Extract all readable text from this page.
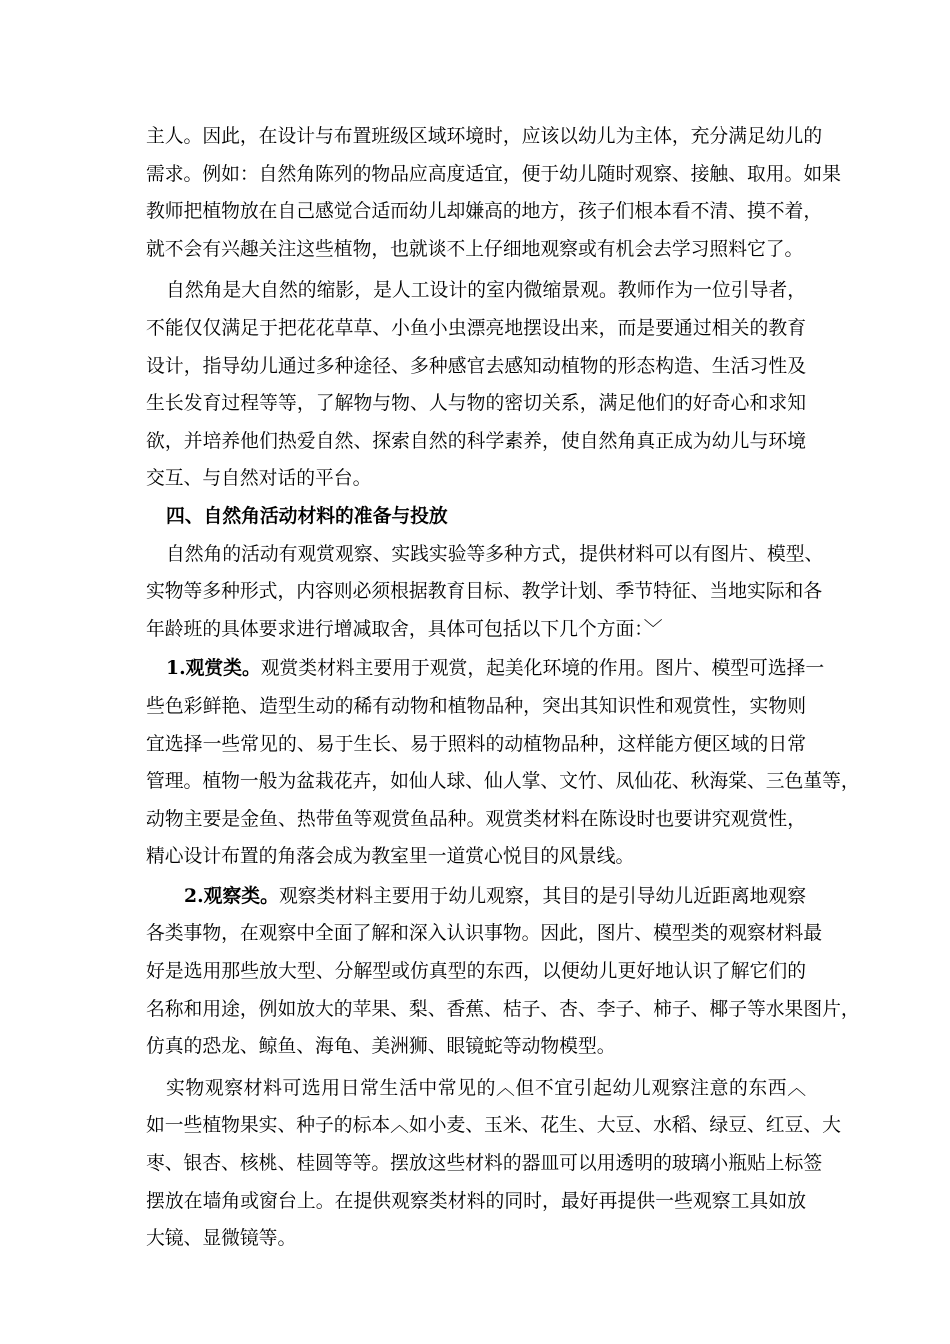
主人。因此，在设计与布置班级区域环境时，应该以幼儿为主体，充分满足幼儿的
需求。例如：自然角陈列的物品应高度适宜，便于幼儿随时观察、接触、取用。如果
教师把植物放在自己感觉合适而幼儿却嫌高的地方，孩子们根本看不清、摸不着，
就不会有兴趣关注这些植物，也就谈不上仔细地观察或有机会去学习照料它了。
自然角是大自然的缩影，是人工设计的室内微缩景观。教师作为一位引导者，
不能仅仅满足于把花花草草、小鱼小虫漂亮地摆设出来，而是要通过相关的教育
设计，指导幼儿通过多种途径、多种感官去感知动植物的形态构造、生活习性及
生长发育过程等等，了解物与物、人与物的密切关系，满足他们的好奇心和求知
欲，并培养他们热爱自然、探索自然的科学素养，使自然角真正成为幼儿与环境
交互、与自然对话的平台。
四、自然角活动材料的准备与投放
自然角的活动有观赏观察、实践实验等多种方式，提供材料可以有图片、模型、
实物等多种形式，内容则必须根据教育目标、教学计划、季节特征、当地实际和各
年龄班的具体要求进行增减取舍，具体可包括以下几个方面：﹀
1.观赏类。观赏类材料主要用于观赏，起美化环境的作用。图片、模型可选择一
些色彩鲜艳、造型生动的稀有动物和植物品种，突出其知识性和观赏性，实物则
宜选择一些常见的、易于生长、易于照料的动植物品种，这样能方便区域的日常
管理。植物一般为盆栽花卉，如仙人球、仙人掌、文竹、凤仙花、秋海棠、三色堇等，
动物主要是金鱼、热带鱼等观赏鱼品种。观赏类材料在陈设时也要讲究观赏性，
精心设计布置的角落会成为教室里一道赏心悦目的风景线。
2.观察类。观察类材料主要用于幼儿观察，其目的是引导幼儿近距离地观察
各类事物，在观察中全面了解和深入认识事物。因此，图片、模型类的观察材料最
好是选用那些放大型、分解型或仿真型的东西，以便幼儿更好地认识了解它们的
名称和用途，例如放大的苹果、梨、香蕉、桔子、杏、李子、柿子、椰子等水果图片，
仿真的恐龙、鲸鱼、海龟、美洲狮、眼镜蛇等动物模型。
实物观察材料可选用日常生活中常见的︿但不宜引起幼儿观察注意的东西︿
如一些植物果实、种子的标本︿如小麦、玉米、花生、大豆、水稻、绿豆、红豆、大
枣、银杏、核桃、桂圆等等。摆放这些材料的器皿可以用透明的玻璃小瓶贴上标签
摆放在墙角或窗台上。在提供观察类材料的同时，最好再提供一些观察工具如放
大镜、显微镜等。
